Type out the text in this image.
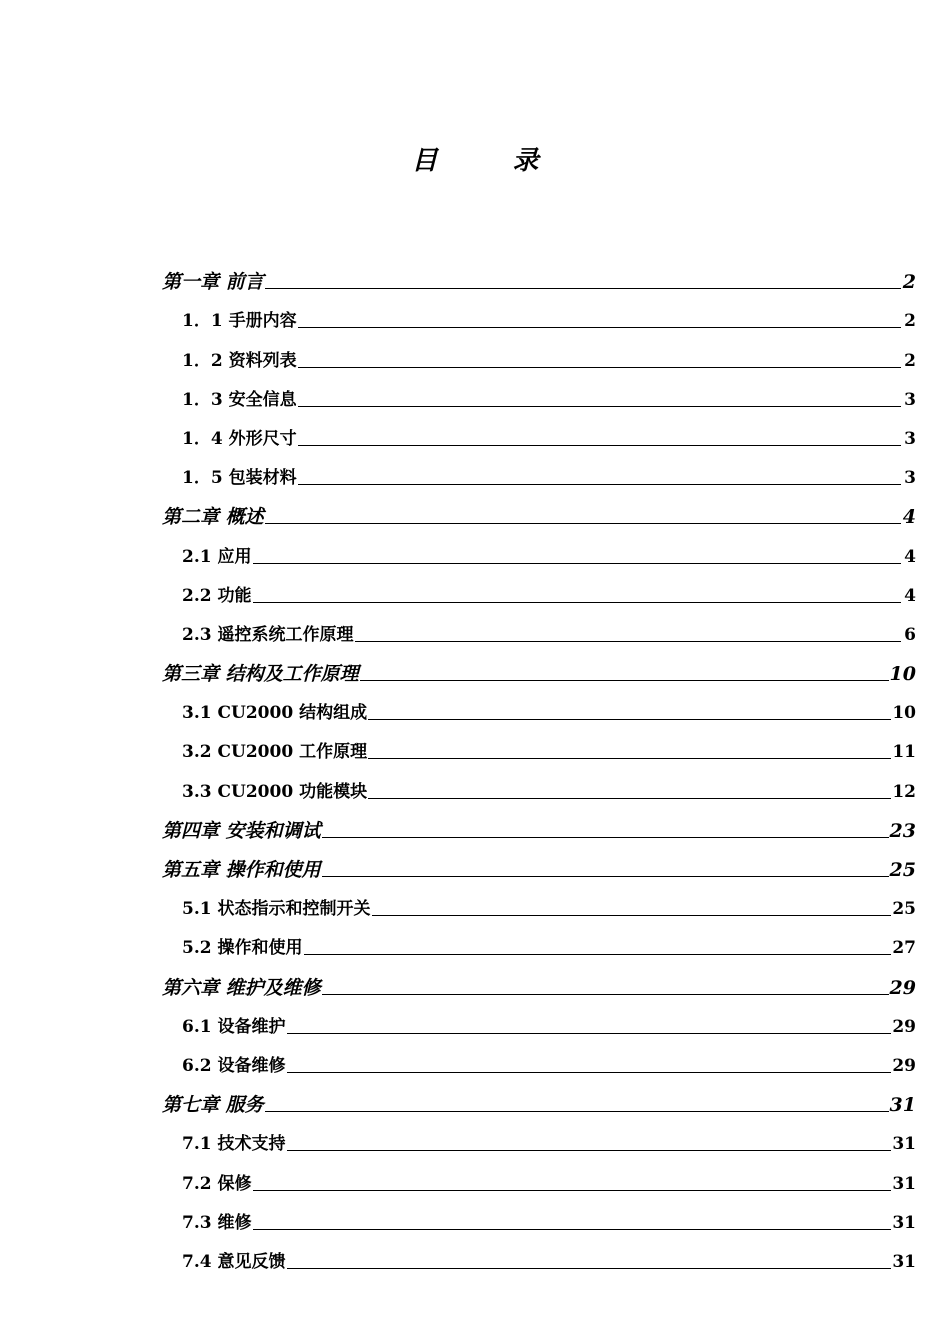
目	录
第一章 前言	2
1．1 手册内容	2
1．2 资料列表	2
1．3 安全信息	3
1．4 外形尺寸	3
1．5 包装材料	3
第二章 概述	4
2.1 应用	4
2.2 功能	4
2.3 遥控系统工作原理	6
第三章 结构及工作原理	10
3.1 CU2000 结构组成	10
3.2 CU2000 工作原理	11
3.3 CU2000 功能模块	12
第四章 安装和调试	23
第五章 操作和使用	25
5.1 状态指示和控制开关	25
5.2 操作和使用	27
第六章 维护及维修	29
6.1 设备维护	29
6.2 设备维修	29
第七章 服务	31
7.1 技术支持	31
7.2 保修	31
7.3 维修	31
7.4 意见反馈	31
